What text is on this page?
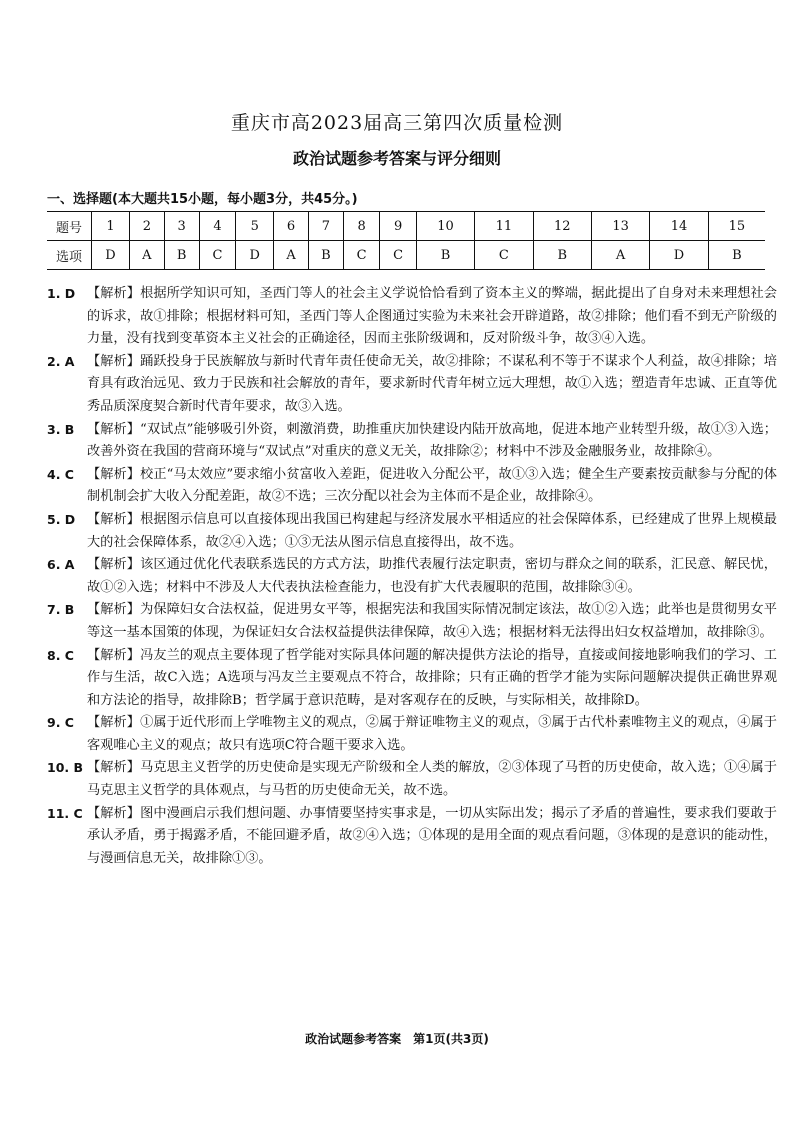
重庆市高2023届高三第四次质量检测
政治试题参考答案与评分细则
一、选择题(本大题共15小题，每小题3分，共45分。)
题号	1	2	3	4	5	6	7	8	9	10	11	12	13	14	15
选项	D	A	B	C	D	A	B	C	C	B	C	B	A	D	B
1. D 【解析】根据所学知识可知，圣西门等人的社会主义学说恰恰看到了资本主义的弊端，据此提出了自身对未来理想社会的诉求，故①排除；根据材料可知，圣西门等人企图通过实验为未来社会开辟道路，故②排除；他们看不到无产阶级的力量，没有找到变革资本主义社会的正确途径，因而主张阶级调和，反对阶级斗争，故③④入选。
2. A 【解析】踊跃投身于民族解放与新时代青年责任使命无关，故②排除；不谋私利不等于不谋求个人利益，故④排除；培育具有政治远见、致力于民族和社会解放的青年，要求新时代青年树立远大理想，故①入选；塑造青年忠诚、正直等优秀品质深度契合新时代青年要求，故③入选。
3. B 【解析】“双试点”能够吸引外资，刺激消费，助推重庆加快建设内陆开放高地，促进本地产业转型升级，故①③入选；改善外资在我国的营商环境与“双试点”对重庆的意义无关，故排除②；材料中不涉及金融服务业，故排除④。
4. C 【解析】校正“马太效应”要求缩小贫富收入差距，促进收入分配公平，故①③入选；健全生产要素按贡献参与分配的体制机制会扩大收入分配差距，故②不选；三次分配以社会为主体而不是企业，故排除④。
5. D 【解析】根据图示信息可以直接体现出我国已构建起与经济发展水平相适应的社会保障体系，已经建成了世界上规模最大的社会保障体系，故②④入选；①③无法从图示信息直接得出，故不选。
6. A 【解析】该区通过优化代表联系选民的方式方法，助推代表履行法定职责，密切与群众之间的联系，汇民意、解民忧，故①②入选；材料中不涉及人大代表执法检查能力，也没有扩大代表履职的范围，故排除③④。
7. B 【解析】为保障妇女合法权益，促进男女平等，根据宪法和我国实际情况制定该法，故①②入选；此举也是贯彻男女平等这一基本国策的体现，为保证妇女合法权益提供法律保障，故④入选；根据材料无法得出妇女权益增加，故排除③。
8. C 【解析】冯友兰的观点主要体现了哲学能对实际具体问题的解决提供方法论的指导，直接或间接地影响我们的学习、工作与生活，故C入选；A选项与冯友兰主要观点不符合，故排除；只有正确的哲学才能为实际问题解决提供正确世界观和方法论的指导，故排除B；哲学属于意识范畴，是对客观存在的反映，与实际相关，故排除D。
9. C 【解析】①属于近代形而上学唯物主义的观点，②属于辩证唯物主义的观点，③属于古代朴素唯物主义的观点，④属于客观唯心主义的观点；故只有选项C符合题干要求入选。
10. B 【解析】马克思主义哲学的历史使命是实现无产阶级和全人类的解放，②③体现了马哲的历史使命，故入选；①④属于马克思主义哲学的具体观点，与马哲的历史使命无关，故不选。
11. C 【解析】图中漫画启示我们想问题、办事情要坚持实事求是，一切从实际出发；揭示了矛盾的普遍性，要求我们要敢于承认矛盾，勇于揭露矛盾，不能回避矛盾，故②④入选；①体现的是用全面的观点看问题，③体现的是意识的能动性，与漫画信息无关，故排除①③。
政治试题参考答案　第1页(共3页)
